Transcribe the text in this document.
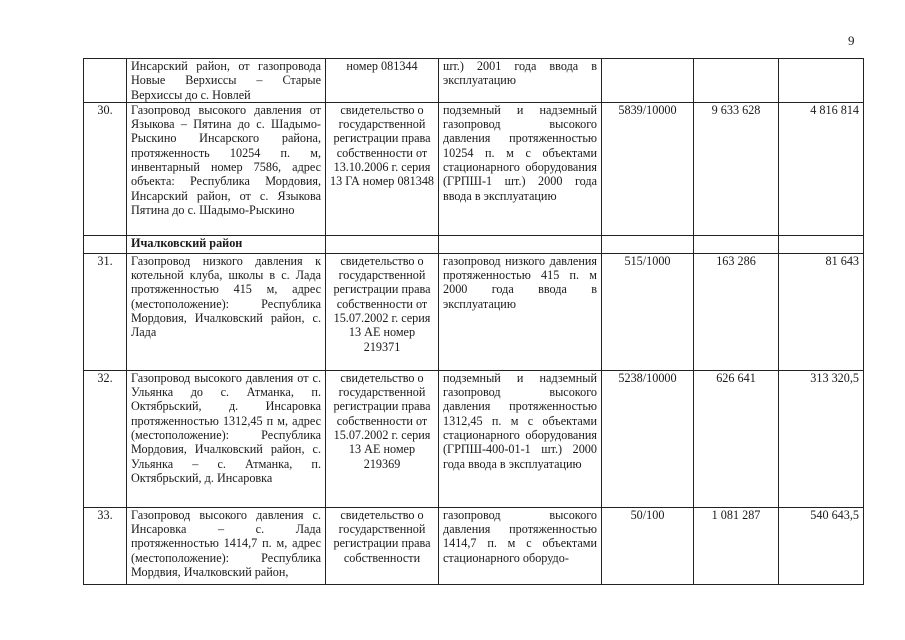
9
	Инсарский район, от газопровода Новые Верхиссы – Старые Верхиссы до с. Новлей	номер 081344	шт.) 2001 года ввода в эксплуатацию			
30.	Газопровод высокого давления от Языкова – Пятина до с. Шадымо-Рыскино Инсарского района, протяженность 10254 п. м, инвентарный номер 7586, адрес объекта: Республика Мордовия, Инсарский район, от с. Языкова Пятина до с. Шадымо-Рыскино	свидетельство о государственной регистрации права собственности от 13.10.2006 г. серия 13 ГА номер 081348	подземный и надземный газопровод высокого давления протяженностью 10254 п. м с объектами стационарного оборудования (ГРПШ-1 шт.) 2000 года ввода в эксплуатацию	5839/10000	9 633 628	4 816 814
	Ичалковский район					
31.	Газопровод низкого давления к котельной клуба, школы в с. Лада протяженностью 415 м, адрес (местоположение): Республика Мордовия, Ичалковский район, с. Лада	свидетельство о государственной регистрации права собственности от 15.07.2002 г. серия 13 АЕ номер 219371	газопровод низкого давления протяженностью 415 п. м 2000 года ввода в эксплуатацию	515/1000	163 286	81 643
32.	Газопровод высокого давления от с. Ульянка до с. Атманка, п. Октябрьский, д. Инсаровка протяженностью 1312,45 п м, адрес (местоположение): Республика Мордовия, Ичалковский район, с. Ульянка – с. Атманка, п. Октябрьский, д. Инсаровка	свидетельство о государственной регистрации права собственности от 15.07.2002 г. серия 13 АЕ номер 219369	подземный и надземный газопровод высокого давления протяженностью 1312,45 п. м с объектами стационарного оборудования (ГРПШ-400-01-1 шт.) 2000 года ввода в эксплуатацию	5238/10000	626 641	313 320,5
33.	Газопровод высокого давления с. Инсаровка – с. Лада протяженностью 1414,7 п. м, адрес (местоположение): Республика Мордвия, Ичалковский район,	свидетельство о государственной регистрации права собственности	газопровод высокого давления протяженностью 1414,7 п. м с объектами стационарного оборудо-	50/100	1 081 287	540 643,5
